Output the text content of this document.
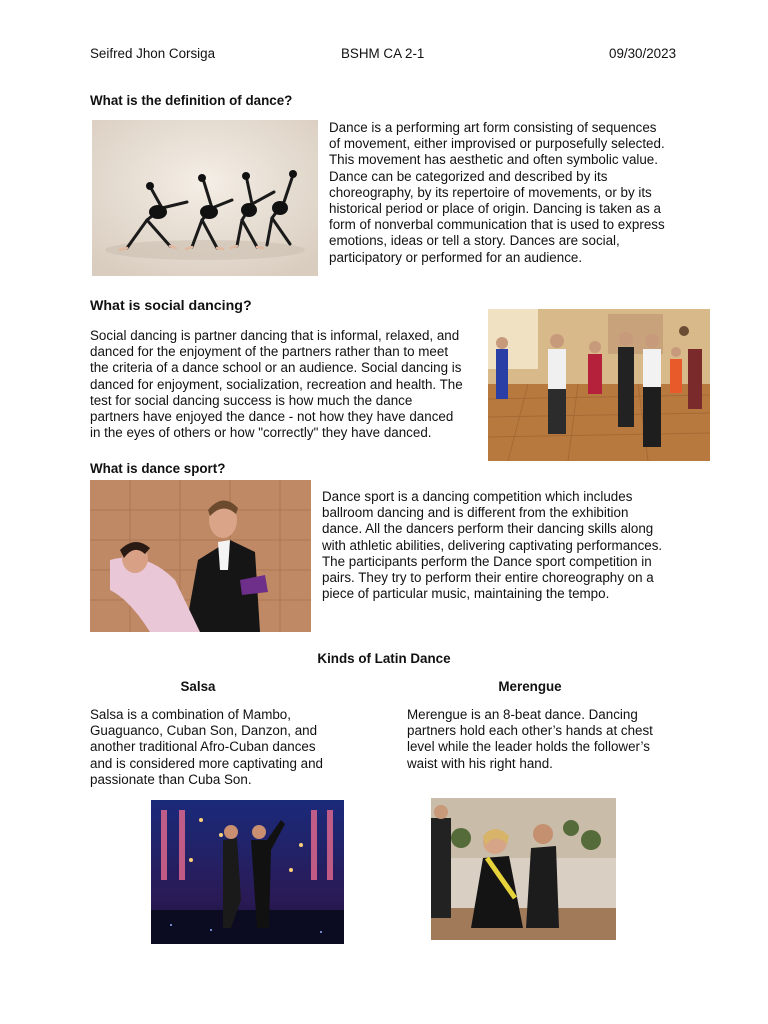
Seifred Jhon Corsiga	BSHM CA 2-1	09/30/2023
What is the definition of dance?
Dance is a performing art form consisting of sequences
of movement, either improvised or purposefully selected.
This movement has aesthetic and often symbolic value.
Dance can be categorized and described by its
choreography, by its repertoire of movements, or by its
historical period or place of origin. Dancing is taken as a
form of nonverbal communication that is used to express
emotions, ideas or tell a story. Dances are social,
participatory or performed for an audience.
What is social dancing?
Social dancing is partner dancing that is informal, relaxed, and
danced for the enjoyment of the partners rather than to meet
the criteria of a dance school or an audience. Social dancing is
danced for enjoyment, socialization, recreation and health. The
test for social dancing success is how much the dance
partners have enjoyed the dance - not how they have danced
in the eyes of others or how "correctly" they have danced.
What is dance sport?
Dance sport is a dancing competition which includes
ballroom dancing and is different from the exhibition
dance. All the dancers perform their dancing skills along
with athletic abilities, delivering captivating performances.
The participants perform the Dance sport competition in
pairs. They try to perform their entire choreography on a
piece of particular music, maintaining the tempo.
Kinds of Latin Dance
Salsa	Merengue
Salsa is a combination of Mambo,
Guaguanco, Cuban Son, Danzon, and
another traditional Afro-Cuban dances
and is considered more captivating and
passionate than Cuba Son.
Merengue is an 8-beat dance. Dancing
partners hold each other’s hands at chest
level while the leader holds the follower’s
waist with his right hand.
